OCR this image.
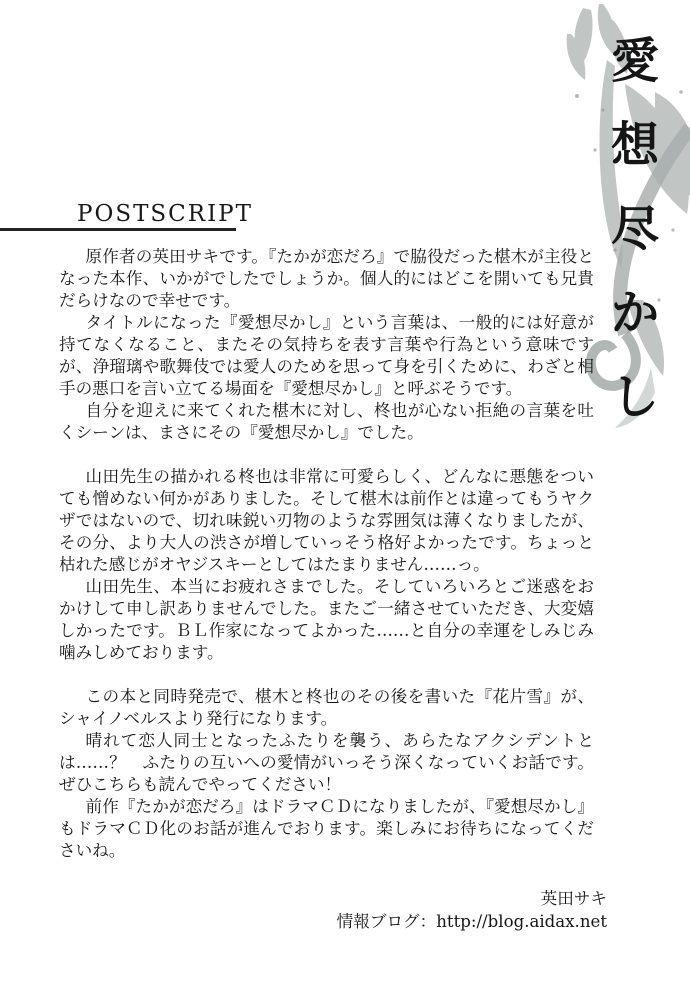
愛
想
尽
か
し
POSTSCRIPT

原作者の英田サキです。『たかが恋だろ』で脇役だった椹木が主役となった本作、いかがでしたでしょうか。個人的にはどこを開いても兄貴だらけなので幸せです。

タイトルになった『愛想尽かし』という言葉は、一般的には好意が持てなくなること、またその気持ちを表す言葉や行為という意味ですが、浄瑠璃や歌舞伎では愛人のためを思って身を引くために、わざと相手の悪口を言い立てる場面を『愛想尽かし』と呼ぶそうです。

自分を迎えに来てくれた椹木に対し、柊也が心ない拒絶の言葉を吐くシーンは、まさにその『愛想尽かし』でした。

山田先生の描かれる柊也は非常に可愛らしく、どんなに悪態をついても憎めない何かがありました。そして椹木は前作とは違ってもうヤクザではないので、切れ味鋭い刃物のような雰囲気は薄くなりましたが、その分、より大人の渋さが増していっそう格好よかったです。ちょっと枯れた感じがオヤジスキーとしてはたまりません……っ。

山田先生、本当にお疲れさまでした。そしていろいろとご迷惑をおかけして申し訳ありませんでした。またご一緒させていただき、大変嬉しかったです。ＢＬ作家になってよかった……と自分の幸運をしみじみ噛みしめております。

この本と同時発売で、椹木と柊也のその後を書いた『花片雪』が、シャイノベルスより発行になります。

晴れて恋人同士となったふたりを襲う、あらたなアクシデントとは……？　ふたりの互いへの愛情がいっそう深くなっていくお話です。ぜひこちらも読んでやってください！

前作『たかが恋だろ』はドラマＣＤになりましたが、『愛想尽かし』もドラマＣＤ化のお話が進んでおります。楽しみにお待ちになってくださいね。

英田サキ
情報ブログ：http://blog.aidax.net
